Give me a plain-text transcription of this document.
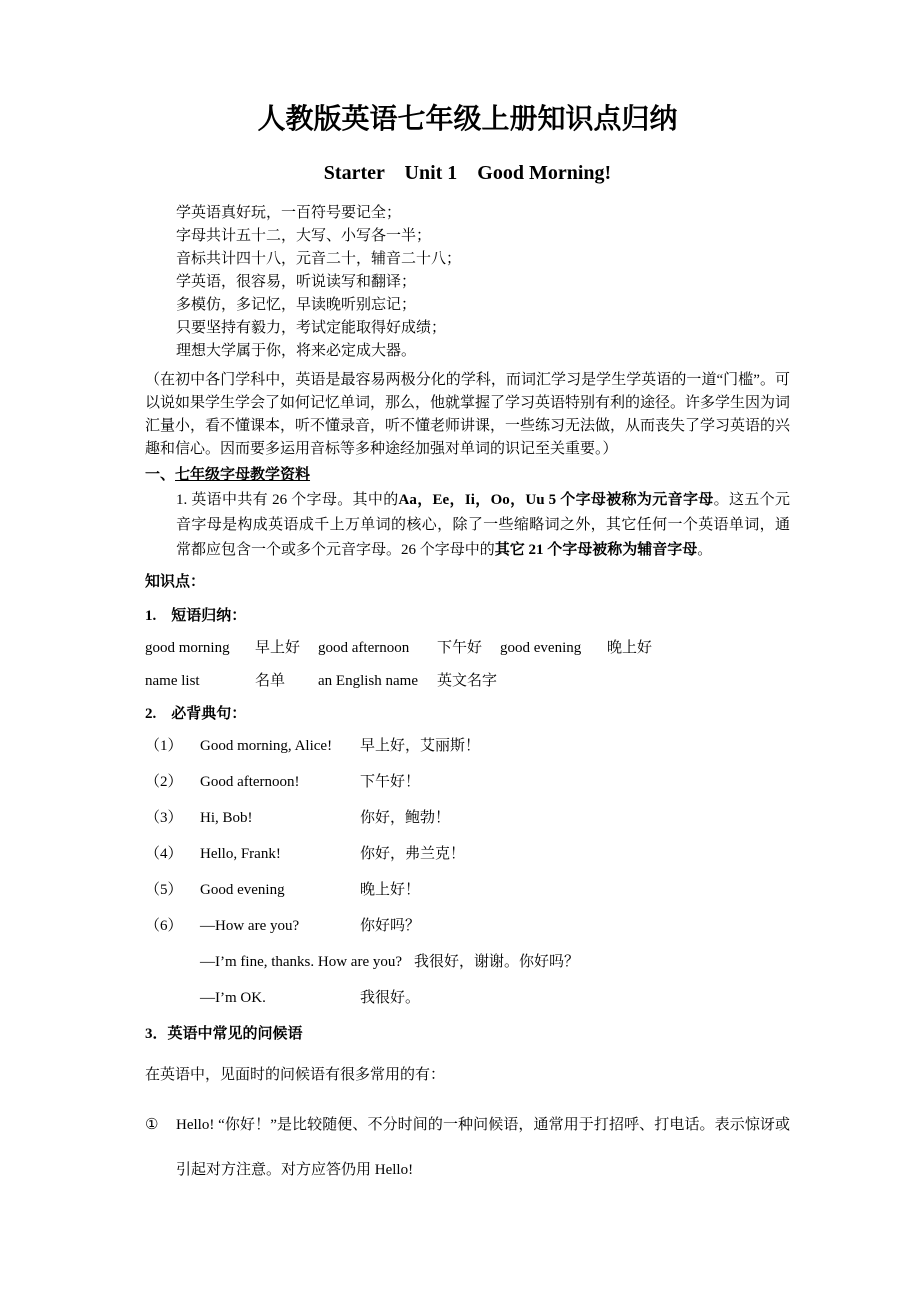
人教版英语七年级上册知识点归纳
Starter　Unit 1　Good Morning!
学英语真好玩，一百符号要记全；
字母共计五十二，大写、小写各一半；
音标共计四十八，元音二十，辅音二十八；
学英语，很容易，听说读写和翻译；
多模仿，多记忆，早读晚听别忘记；
只要坚持有毅力，考试定能取得好成绩；
理想大学属于你，将来必定成大器。

（在初中各门学科中，英语是最容易两极分化的学科，而词汇学习是学生学英语的一道“门槛”。可以说如果学生学会了如何记忆单词，那么，他就掌握了学习英语特别有利的途径。许多学生因为词汇量小，看不懂课本，听不懂录音，听不懂老师讲课，一些练习无法做，从而丧失了学习英语的兴趣和信心。因而要多运用音标等多种途经加强对单词的识记至关重要。）

一、七年级字母教学资料

1. 英语中共有 26 个字母。其中的Aa，Ee，Ii，Oo，Uu 5 个字母被称为元音字母。这五个元音字母是构成英语成千上万单词的核心，除了一些缩略词之外，其它任何一个英语单词，通常都应包含一个或多个元音字母。26 个字母中的其它 21 个字母被称为辅音字母。

知识点：
1.　短语归纳：
good morning 早上好 good afternoon 下午好 good evening 晚上好
name list	名单 an English name 英文名字
2.　必背典句：
（1） Good morning, Alice! 早上好，艾丽斯！
（2） Good afternoon!	下午好！
（3） Hi, Bob!	你好，鲍勃！
（4） Hello, Frank!	你好，弗兰克！
（5） Good evening	晚上好！
（6） —How are you?	你好吗？
—I’m fine, thanks. How are you? 我很好，谢谢。你好吗？
—I’m OK.	我很好。
3．英语中常见的问候语
在英语中，见面时的问候语有很多常用的有：
① Hello! “你好！”是比较随便、不分时间的一种问候语，通常用于打招呼、打电话。表示惊讶或引起对方注意。对方应答仍用 Hello!
